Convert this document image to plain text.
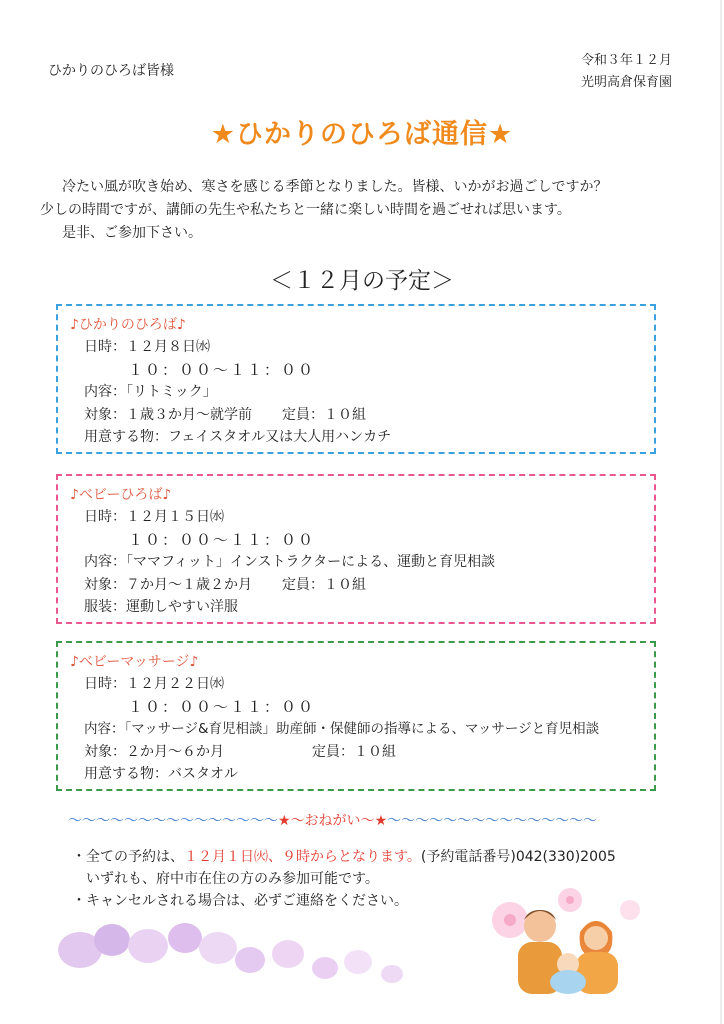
ひかりのひろば皆様
令和３年１２月
光明高倉保育園
★ひかりのひろば通信★

冷たい風が吹き始め、寒さを感じる季節となりました。皆様、いかがお過ごしですか？

少しの時間ですが、講師の先生や私たちと一緒に楽しい時間を過ごせれば思います。

是非、ご参加下さい。

＜１２月の予定＞
♪ひかりのひろば♪
日時：１２月８日㈬
１０：００～１１：００
内容：「リトミック」
対象：１歳３か月～就学前 定員：１０組
用意する物：フェイスタオル又は大人用ハンカチ
♪ベビーひろば♪
日時：１２月１５日㈬
１０：００～１１：００
内容：「ママフィット」インストラクターによる、運動と育児相談
対象：７か月～１歳２か月 定員：１０組
服装：運動しやすい洋服
♪ベビーマッサージ♪
日時：１２月２２日㈬
１０：００～１１：００
内容：「マッサージ&育児相談」助産師・保健師の指導による、マッサージと育児相談
対象：２か月～６か月	定員：１０組
用意する物：バスタオル
～～～～～～～～～～～～～～～★～おねがい～★～～～～～～～～～～～～～～～
・全ての予約は、１２月１日㈫、９時からとなります。(予約電話番号)042(330)2005
いずれも、府中市在住の方のみ参加可能です。
・キャンセルされる場合は、必ずご連絡をください。
